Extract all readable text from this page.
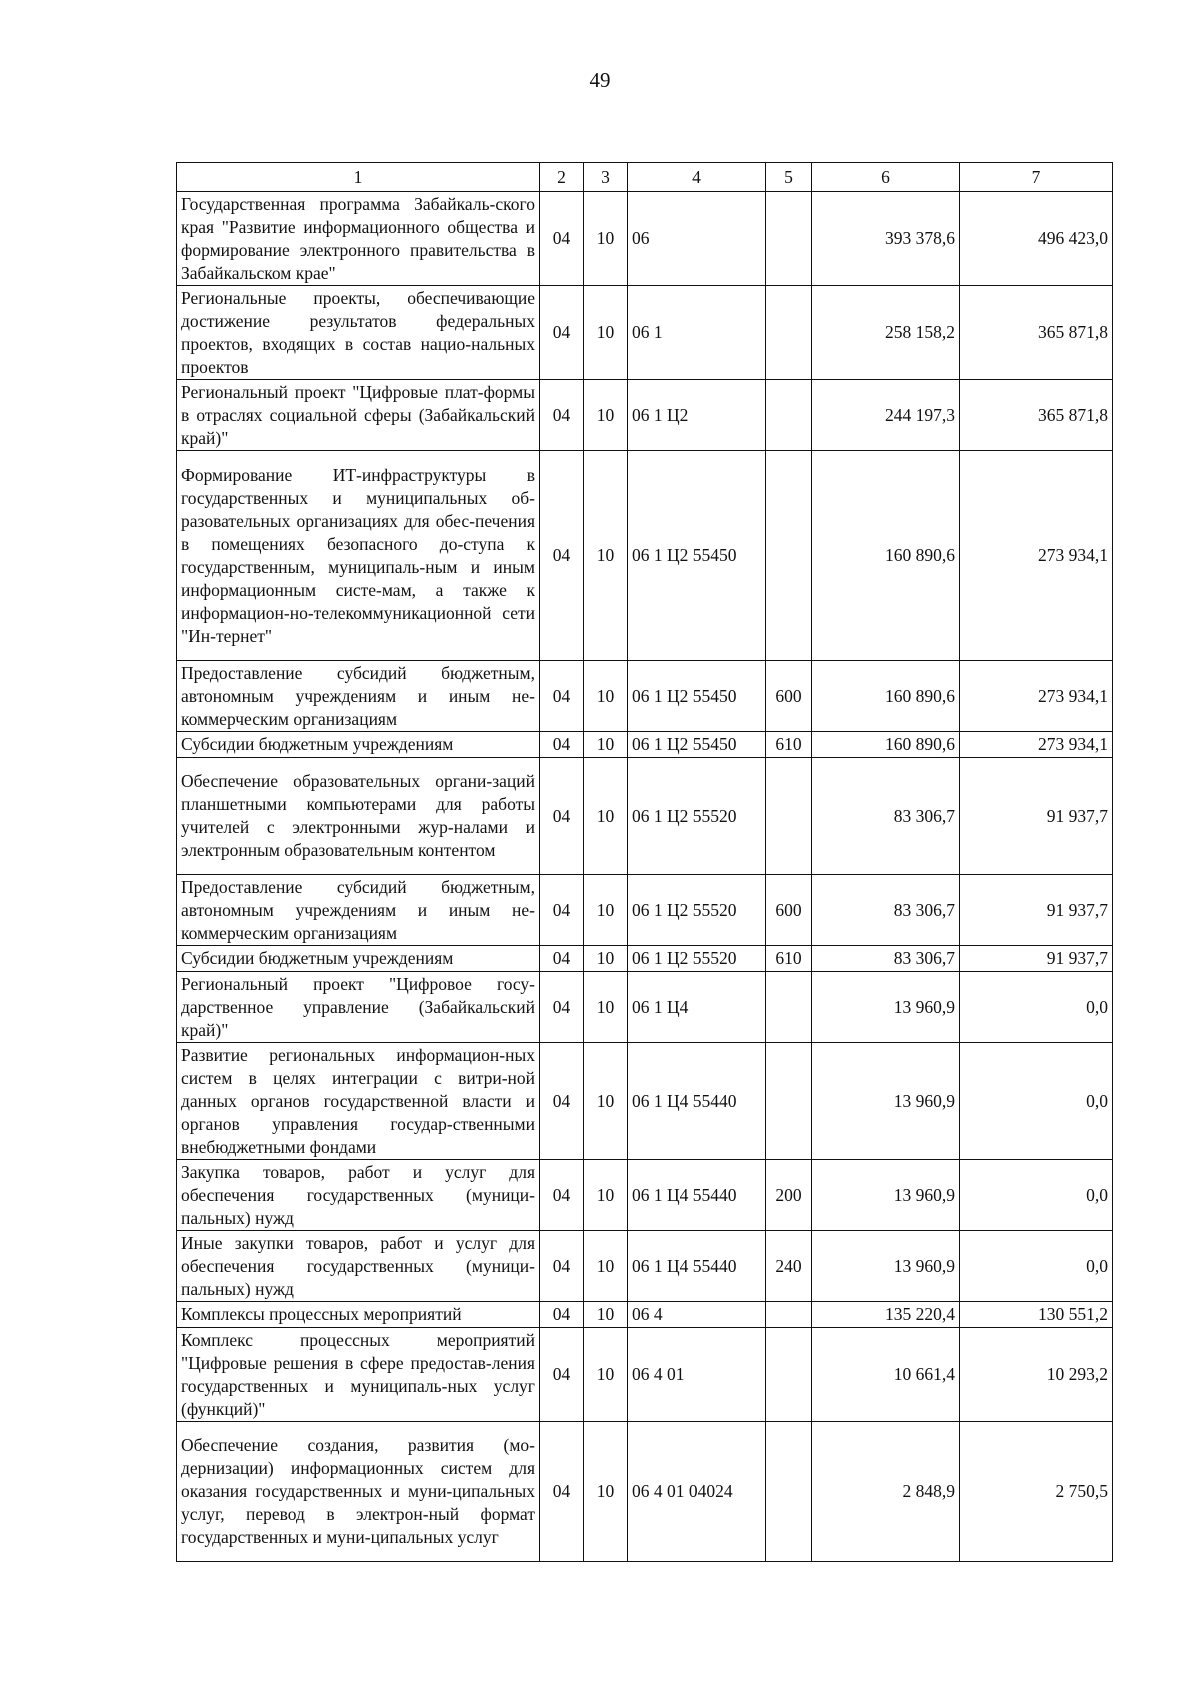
49
1	2	3	4	5	6	7
Государственная программа Забайкаль-ского края "Развитие информационного общества и формирование электронного правительства в Забайкальском крае"	04	10	06		393 378,6	496 423,0
Региональные проекты, обеспечивающие достижение результатов федеральных проектов, входящих в состав нацио-нальных проектов	04	10	06 1		258 158,2	365 871,8
Региональный проект "Цифровые плат-формы в отраслях социальной сферы (Забайкальский край)"	04	10	06 1 Ц2		244 197,3	365 871,8
Формирование ИТ-инфраструктуры в государственных и муниципальных об-разовательных организациях для обес-печения в помещениях безопасного до-ступа к государственным, муниципаль-ным и иным информационным систе-мам, а также к информацион-но-телекоммуникационной сети "Ин-тернет"	04	10	06 1 Ц2 55450		160 890,6	273 934,1
Предоставление субсидий бюджетным, автономным учреждениям и иным не-коммерческим организациям	04	10	06 1 Ц2 55450	600	160 890,6	273 934,1
Субсидии бюджетным учреждениям	04	10	06 1 Ц2 55450	610	160 890,6	273 934,1
Обеспечение образовательных органи-заций планшетными компьютерами для работы учителей с электронными жур-налами и электронным образовательным контентом	04	10	06 1 Ц2 55520		83 306,7	91 937,7
Предоставление субсидий бюджетным, автономным учреждениям и иным не-коммерческим организациям	04	10	06 1 Ц2 55520	600	83 306,7	91 937,7
Субсидии бюджетным учреждениям	04	10	06 1 Ц2 55520	610	83 306,7	91 937,7
Региональный проект "Цифровое госу-дарственное управление (Забайкальский край)"	04	10	06 1 Ц4		13 960,9	0,0
Развитие региональных информацион-ных систем в целях интеграции с витри-ной данных органов государственной власти и органов управления государ-ственными внебюджетными фондами	04	10	06 1 Ц4 55440		13 960,9	0,0
Закупка товаров, работ и услуг для обеспечения государственных (муници-пальных) нужд	04	10	06 1 Ц4 55440	200	13 960,9	0,0
Иные закупки товаров, работ и услуг для обеспечения государственных (муници-пальных) нужд	04	10	06 1 Ц4 55440	240	13 960,9	0,0
Комплексы процессных мероприятий	04	10	06 4		135 220,4	130 551,2
Комплекс процессных мероприятий "Цифровые решения в сфере предостав-ления государственных и муниципаль-ных услуг (функций)"	04	10	06 4 01		10 661,4	10 293,2
Обеспечение создания, развития (мо-дернизации) информационных систем для оказания государственных и муни-ципальных услуг, перевод в электрон-ный формат государственных и муни-ципальных услуг	04	10	06 4 01 04024		2 848,9	2 750,5
